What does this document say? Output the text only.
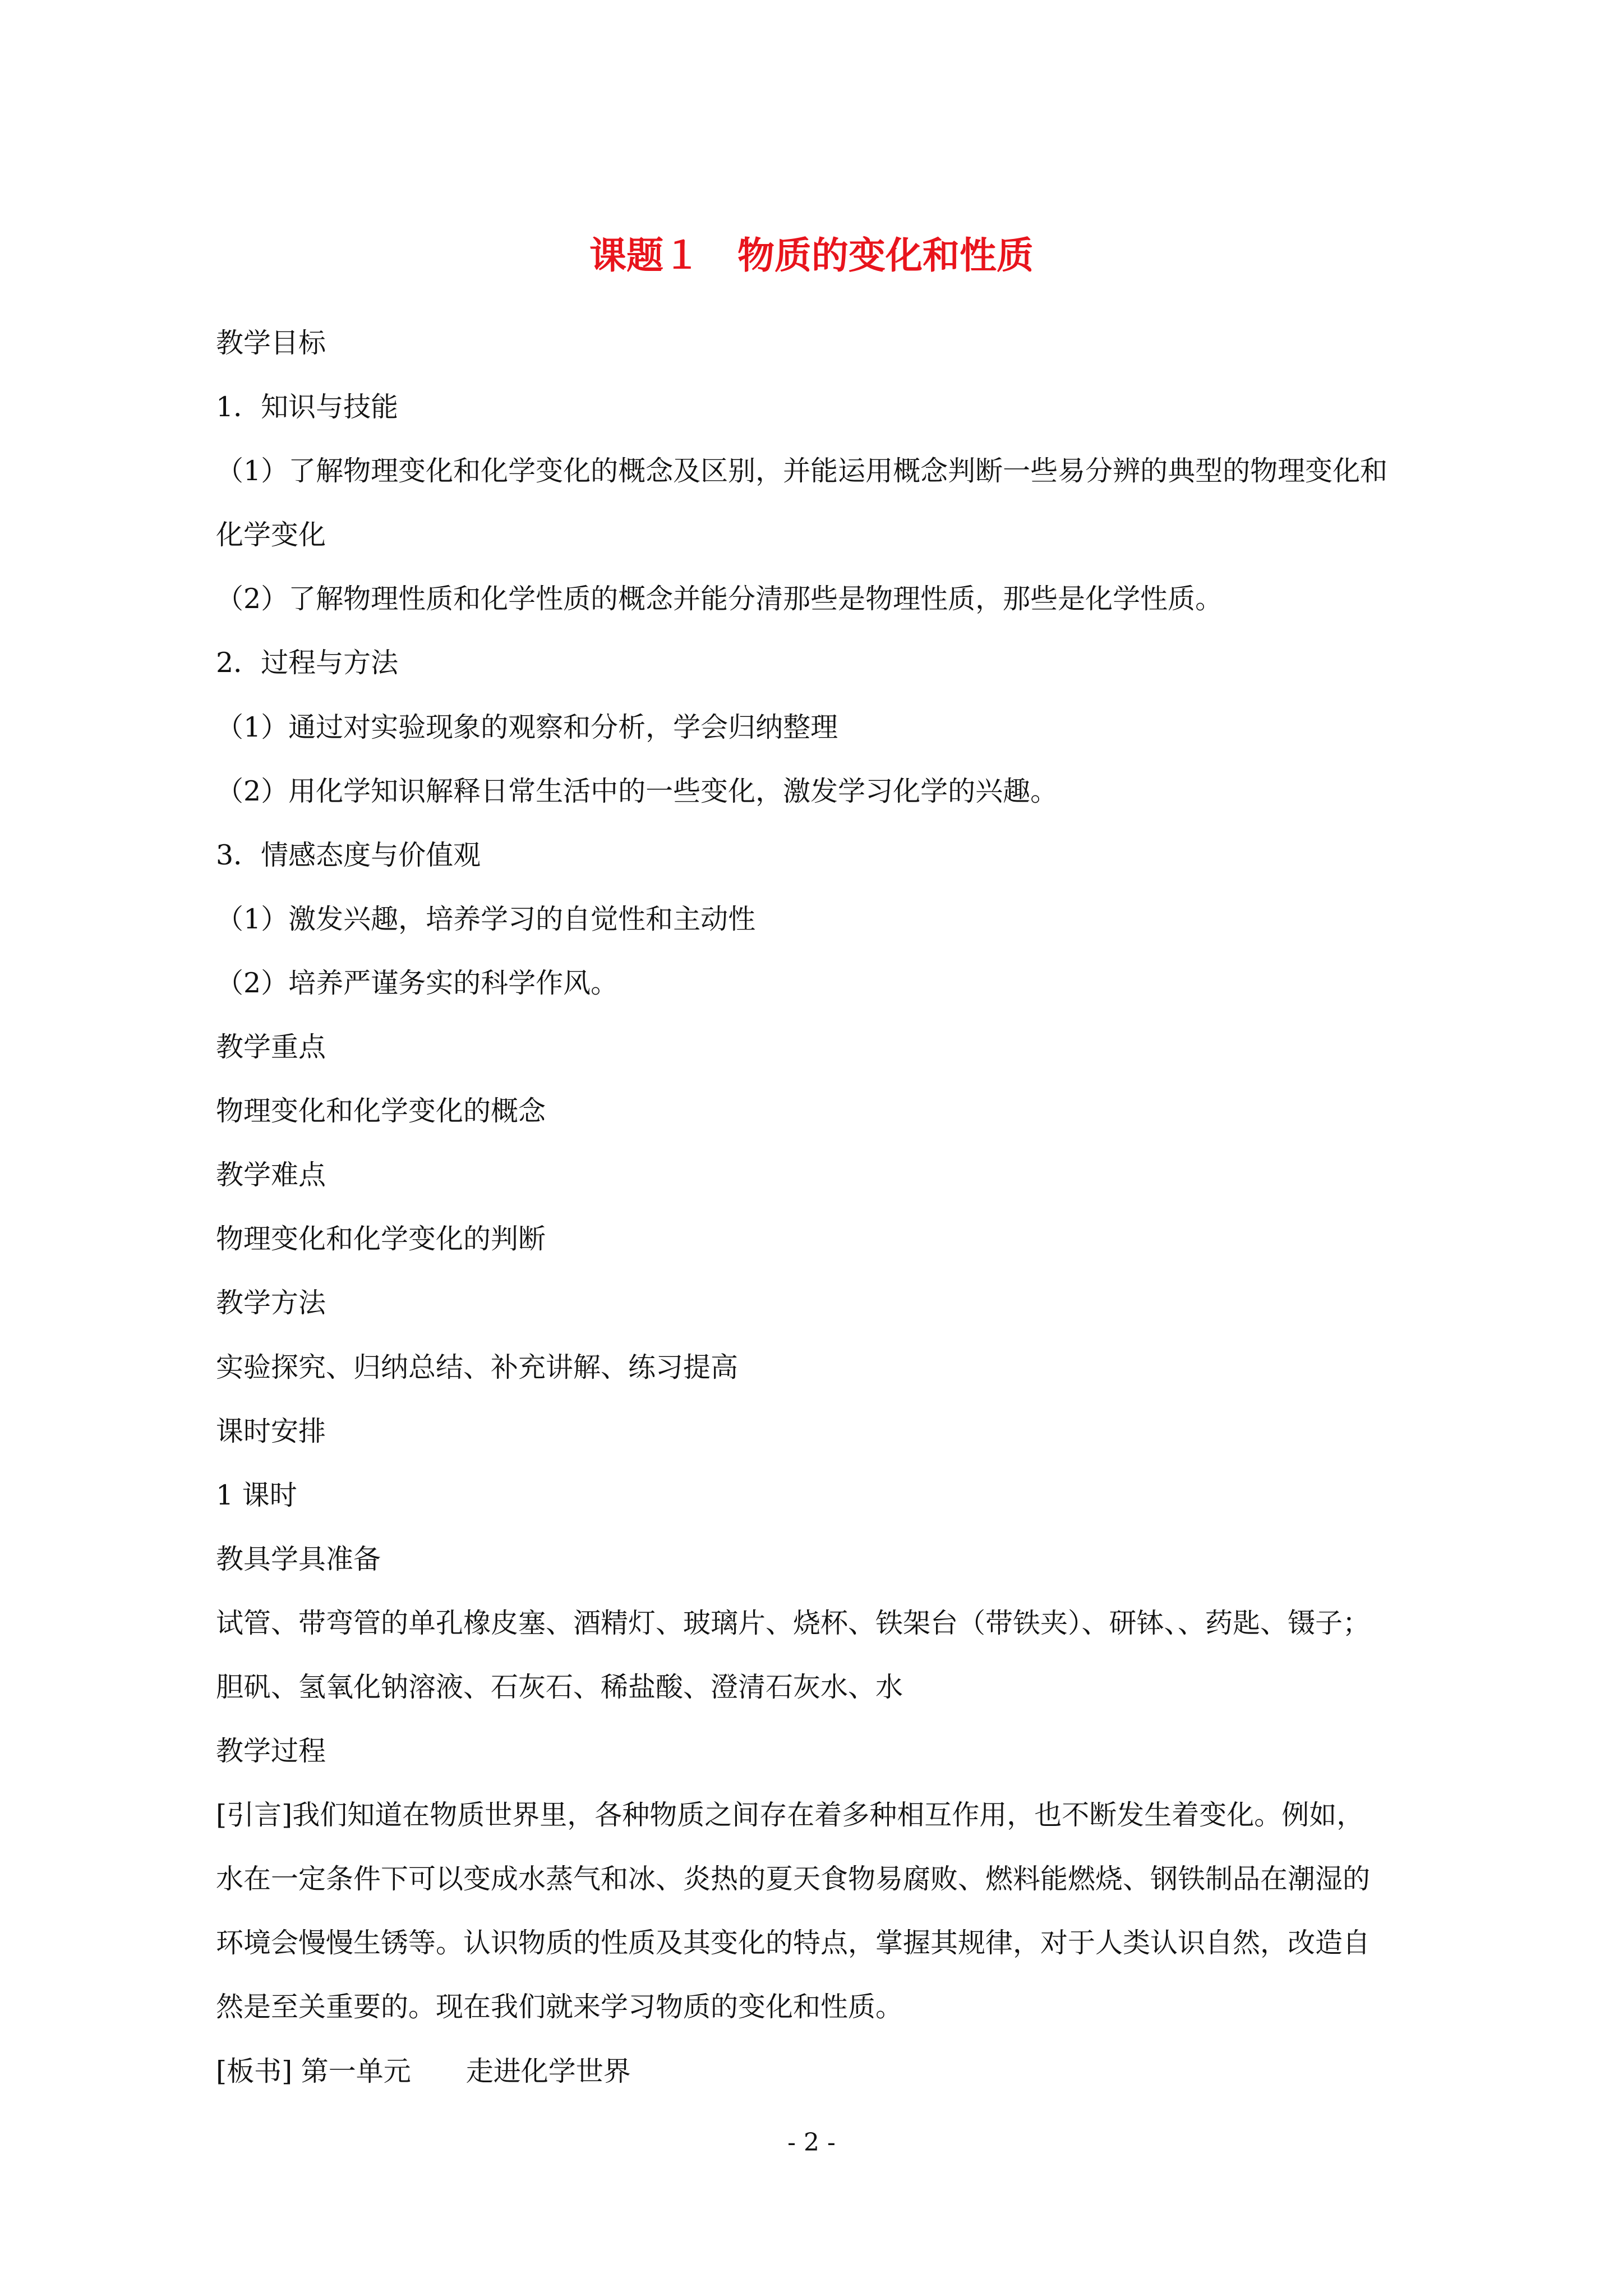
课题１　物质的变化和性质
教学目标
1．知识与技能
（1）了解物理变化和化学变化的概念及区别，并能运用概念判断一些易分辨的典型的物理变化和
化学变化
（2）了解物理性质和化学性质的概念并能分清那些是物理性质，那些是化学性质。
2．过程与方法
（1）通过对实验现象的观察和分析，学会归纳整理
（2）用化学知识解释日常生活中的一些变化，激发学习化学的兴趣。
3．情感态度与价值观
（1）激发兴趣，培养学习的自觉性和主动性
（2）培养严谨务实的科学作风。
教学重点
物理变化和化学变化的概念
教学难点
物理变化和化学变化的判断
教学方法
实验探究、归纳总结、补充讲解、练习提高
课时安排
1 课时
教具学具准备
试管、带弯管的单孔橡皮塞、酒精灯、玻璃片、烧杯、铁架台（带铁夹）、研钵、、药匙、镊子；
胆矾、氢氧化钠溶液、石灰石、稀盐酸、澄清石灰水、水
教学过程
[引言]我们知道在物质世界里，各种物质之间存在着多种相互作用，也不断发生着变化。例如，
水在一定条件下可以变成水蒸气和冰、炎热的夏天食物易腐败、燃料能燃烧、钢铁制品在潮湿的
环境会慢慢生锈等。认识物质的性质及其变化的特点，掌握其规律，对于人类认识自然，改造自
然是至关重要的。现在我们就来学习物质的变化和性质。
[板书] 第一单元　　走进化学世界
- 2 -
